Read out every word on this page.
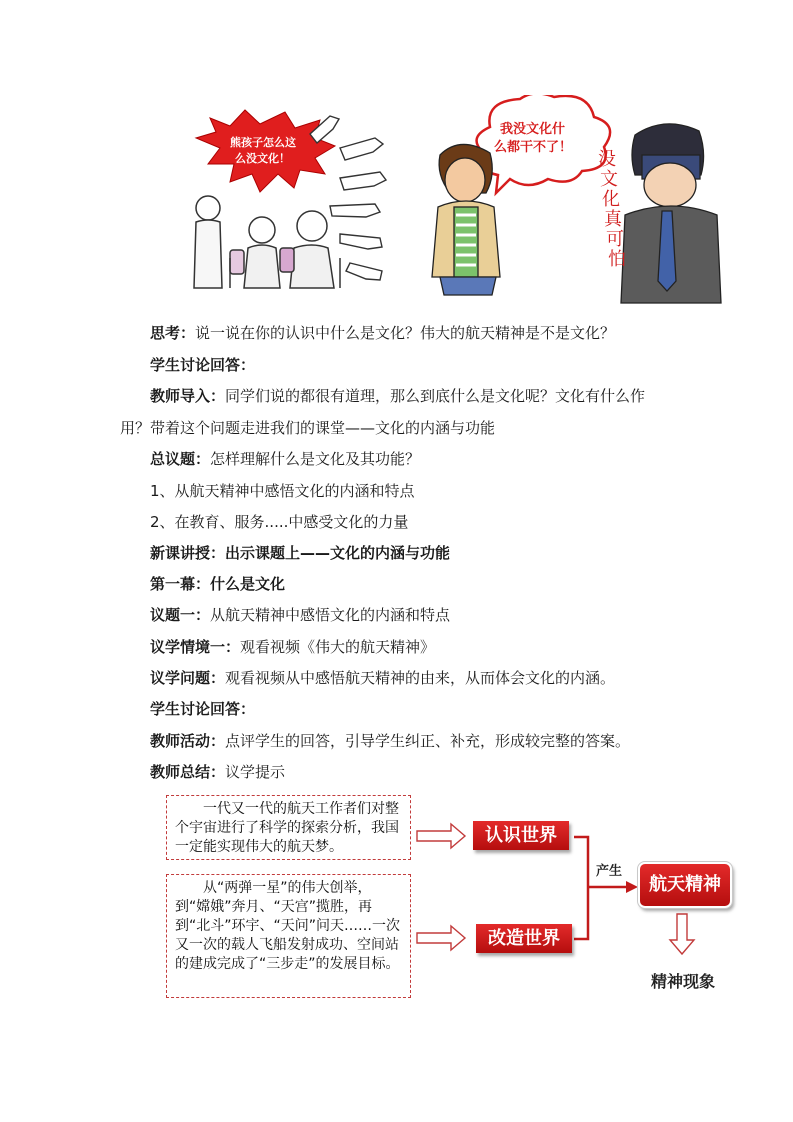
熊孩子怎么这
么没文化！
我没文化什
么都干不了！
没
文
化
真
可
怕
思考：说一说在你的认识中什么是文化？伟大的航天精神是不是文化？
学生讨论回答：
教师导入：同学们说的都很有道理，那么到底什么是文化呢？文化有什么作
用？带着这个问题走进我们的课堂——文化的内涵与功能
总议题：怎样理解什么是文化及其功能？
1、从航天精神中感悟文化的内涵和特点
2、在教育、服务.....中感受文化的力量
新课讲授：出示课题上——文化的内涵与功能
第一幕：什么是文化
议题一：从航天精神中感悟文化的内涵和特点
议学情境一：观看视频《伟大的航天精神》
议学问题：观看视频从中感悟航天精神的由来，从而体会文化的内涵。
学生讨论回答：
教师活动：点评学生的回答，引导学生纠正、补充，形成较完整的答案。
教师总结：议学提示

一代又一代的航天工作者们对整个宇宙进行了科学的探索分析，我国一定能实现伟大的航天梦。

从“两弹一星”的伟大创举，到“嫦娥”奔月、“天宫”揽胜，再到“北斗”环宇、“天问”问天……一次又一次的载人飞船发射成功、空间站的建成完成了“三步走”的发展目标。

认识世界
改造世界
产生
航天精神
精神现象
